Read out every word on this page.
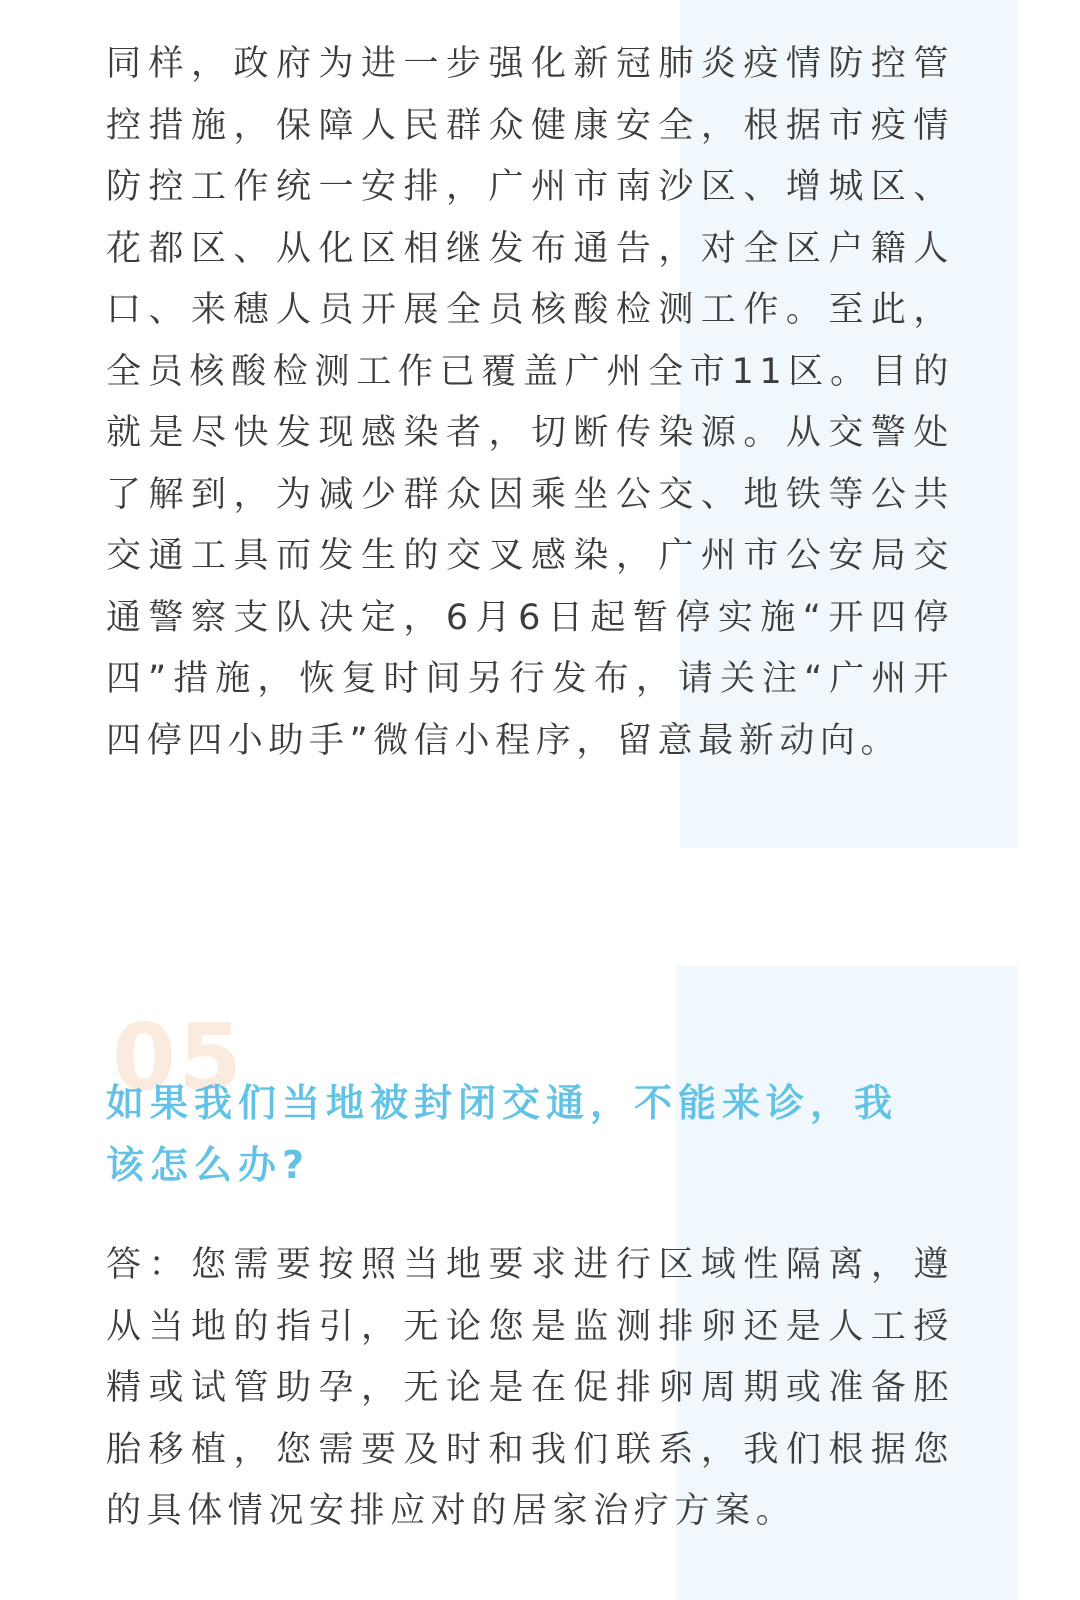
同样，政府为进一步强化新冠肺炎疫情防控管控措施，保障人民群众健康安全，根据市疫情防控工作统一安排，广州市南沙区、增城区、花都区、从化区相继发布通告，对全区户籍人口、来穗人员开展全员核酸检测工作。至此，全员核酸检测工作已覆盖广州全市11区。目的就是尽快发现感染者，切断传染源。从交警处了解到，为减少群众因乘坐公交、地铁等公共交通工具而发生的交叉感染，广州市公安局交通警察支队决定，6月6日起暂停实施“开四停四”措施，恢复时间另行发布，请关注“广州开四停四小助手”微信小程序，留意最新动向。

05
如果我们当地被封闭交通，不能来诊，我该怎么办?

答：您需要按照当地要求进行区域性隔离，遵从当地的指引，无论您是监测排卵还是人工授精或试管助孕，无论是在促排卵周期或准备胚胎移植，您需要及时和我们联系，我们根据您的具体情况安排应对的居家治疗方案。
